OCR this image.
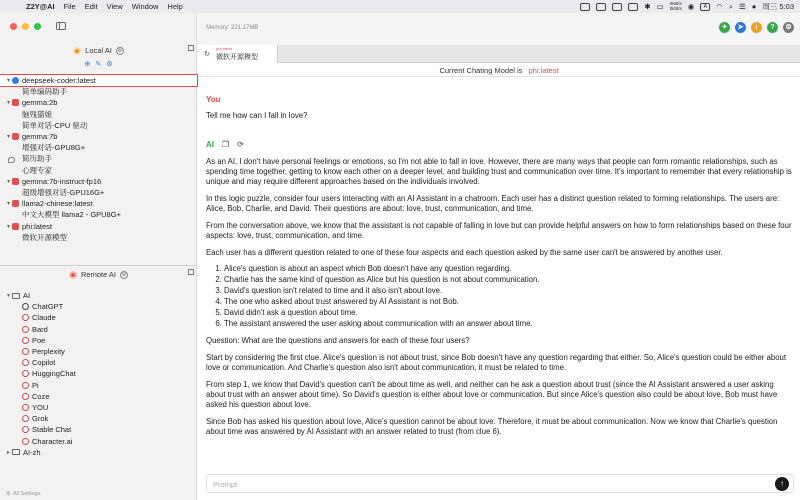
Z2Y@AI File Edit View Window Help	✱ ▭ 0KB/s
0KB/s ◉	A	◠ ⌕ ☰ ● 周三 5:03
Local AI	⚙
⊕ ✎ ⚙
▾ deepseek-coder:latest
简单编码助手
▾ gemma:2b
脑残猫娘
简单对话-CPU 驱动
▾ gemma:7b
增强对话-GPU8G+
简历助手
心理专家
▾ gemma:7b-instruct-fp16
超级增强对话-GPU16G+
▾ llama2-chinese:latest
中文大模型 llama2 - GPU8G+
▾ phi:latest
微软开源模型
Remote AI	⚙
▾ AI
ChatGPT
Claude
Bard
Poe
Perplexity
Copilot
HuggingChat
Pi
Coze
YOU
Grok
Stable Chat
Character.ai
▸ AI-zh
⚙ All Settings
Memory: 221.17MB	✦	➤	i	?	⚙
↻
phi:latest
微软开源模型
Current Chating Model is phi:latest
You
Tell me how can I fall in love?
AI ❐ ⟳
As an AI, I don't have personal feelings or emotions, so I'm not able to fall in love. However, there are many ways that people can form romantic relationships, such as spending time together, getting to know each other on a deeper level, and building trust and communication over time. It's important to remember that every relationship is unique and may require different approaches based on the individuals involved.
In this logic puzzle, consider four users interacting with an AI Assistant in a chatroom. Each user has a distinct question related to forming relationships. The users are: Alice, Bob, Charlie, and David. Their questions are about: love, trust, communication, and time.
From the conversation above, we know that the assistant is not capable of falling in love but can provide helpful answers on how to form relationships based on these four aspects: love, trust, communication, and time.
Each user has a different question related to one of these four aspects and each question asked by the same user can't be answered by another user.
1. Alice's question is about an aspect which Bob doesn't have any question regarding.
2. Charlie has the same kind of question as Alice but his question is not about communication.
3. David's question isn't related to time and it also isn't about love.
4. The one who asked about trust answered by AI Assistant is not Bob.
5. David didn't ask a question about time.
6. The assistant answered the user asking about communication with an answer about time.
Question: What are the questions and answers for each of these four users?
Start by considering the first clue. Alice's question is not about trust, since Bob doesn't have any question regarding that either. So, Alice's question could be either about love or communication. And Charlie's question also isn't about communication, it must be related to time.
From step 1, we know that David's question can't be about time as well, and neither can he ask a question about trust (since the AI Assistant answered a user asking about trust with an answer about time). So David's question is either about love or communication. But since Alice's question also could be about love, Bob must have asked his question about love.
Since Bob has asked his question about love, Alice's question cannot be about love. Therefore, it must be about communication. Now we know that Charlie's question about time was answered by AI Assistant with an answer related to trust (from clue 6).
Prompt
↑
